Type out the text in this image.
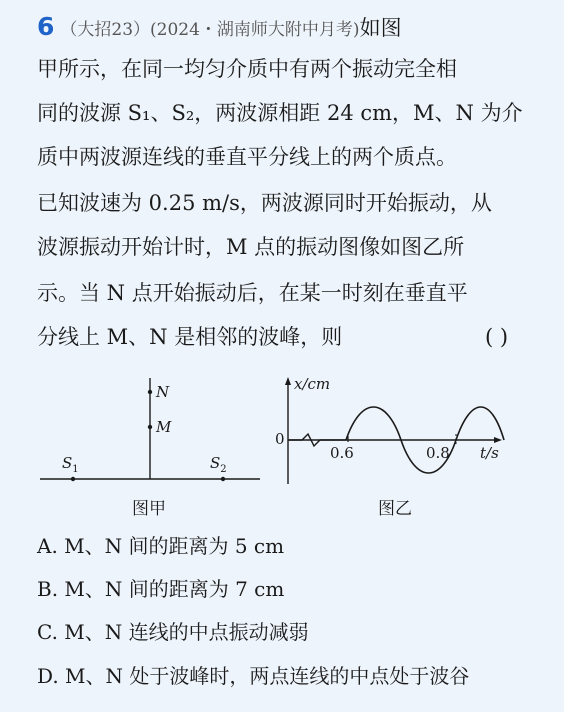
6 （大招23）(2024・湖南师大附中月考)如图
甲所示，在同一均匀介质中有两个振动完全相
同的波源 S₁、S₂，两波源相距 24 cm，M、N 为介
质中两波源连线的垂直平分线上的两个质点。
已知波速为 0.25 m/s，两波源同时开始振动，从
波源振动开始计时，M 点的振动图像如图乙所
示。当 N 点开始振动后，在某一时刻在垂直平
分线上 M、N 是相邻的波峰，则	( )
N
M
$S_1$	$S_2$
图甲
x/cm
0
0.6	0.8 t/s
图乙
A. M、N 间的距离为 5 cm
B. M、N 间的距离为 7 cm
C. M、N 连线的中点振动减弱
D. M、N 处于波峰时，两点连线的中点处于波谷
